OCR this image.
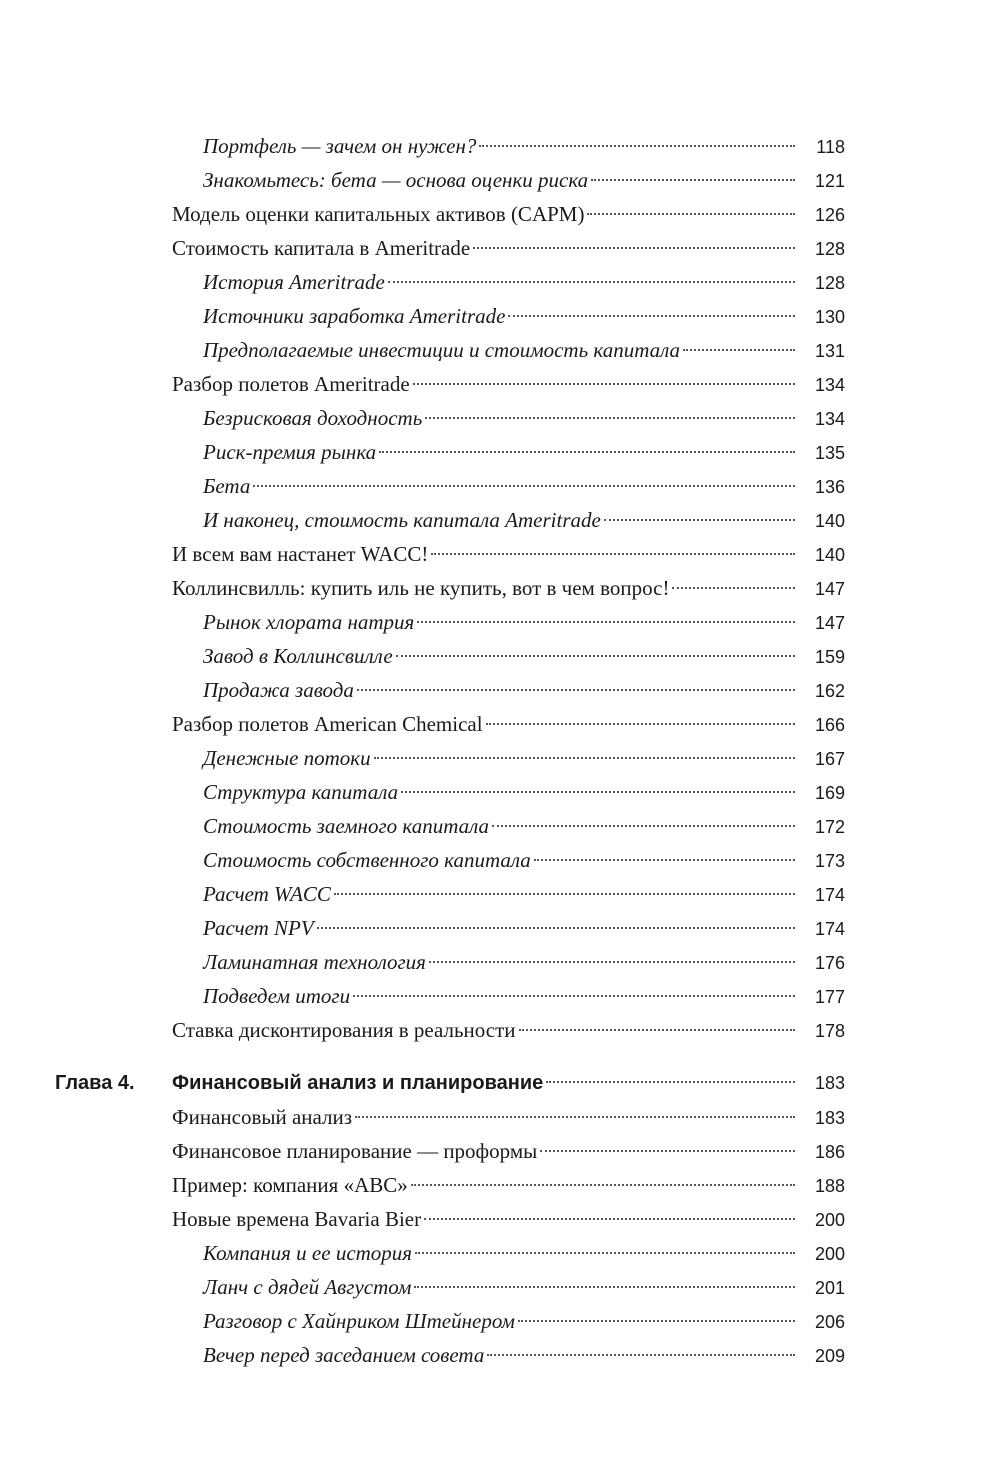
Портфель — зачем он нужен?	118
Знакомьтесь: бета — основа оценки риска	121
Модель оценки капитальных активов (CAPM)	126
Стоимость капитала в Ameritrade	128
История Ameritrade	128
Источники заработка Ameritrade	130
Предполагаемые инвестиции и стоимость капитала	131
Разбор полетов Ameritrade	134
Безрисковая доходность	134
Риск-премия рынка	135
Бета	136
И наконец, стоимость капитала Ameritrade	140
И всем вам настанет WACC!	140
Коллинсвилль: купить иль не купить, вот в чем вопрос!	147
Рынок хлората натрия	147
Завод в Коллинсвилле	159
Продажа завода	162
Разбор полетов American Chemical	166
Денежные потоки	167
Структура капитала	169
Стоимость заемного капитала	172
Стоимость собственного капитала	173
Расчет WACC	174
Расчет NPV	174
Ламинатная технология	176
Подведем итоги	177
Ставка дисконтирования в реальности	178
Глава 4. Финансовый анализ и планирование	183
Финансовый анализ	183
Финансовое планирование — проформы	186
Пример: компания «ABC»	188
Новые времена Bavaria Bier	200
Компания и ее история	200
Ланч с дядей Августом	201
Разговор с Хайнриком Штейнером	206
Вечер перед заседанием совета	209
